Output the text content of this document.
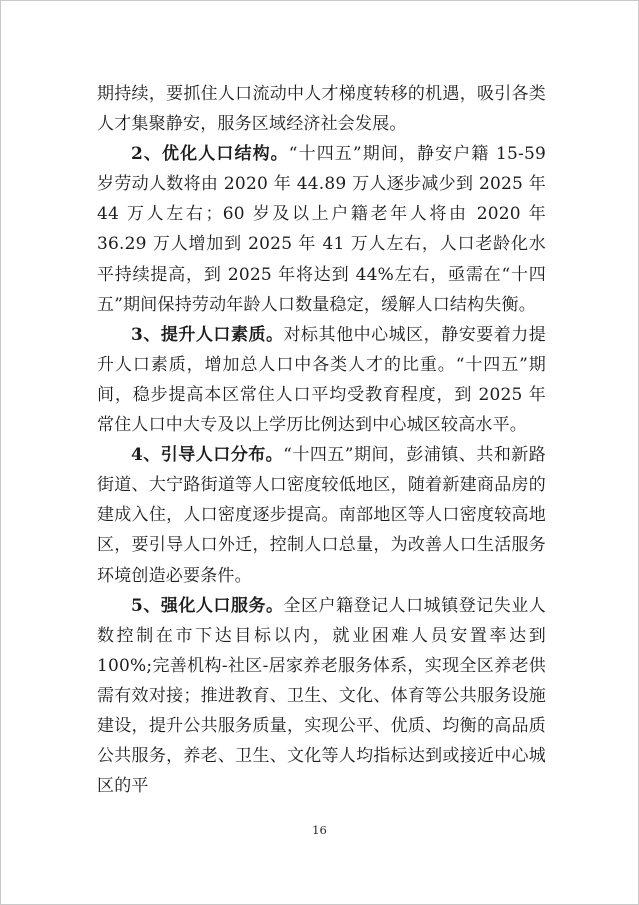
期持续，要抓住人口流动中人才梯度转移的机遇，吸引各类人才集聚静安，服务区域经济社会发展。

2、优化人口结构。“十四五”期间，静安户籍 15-59 岁劳动人数将由 2020 年 44.89 万人逐步减少到 2025 年 44 万人左右；60 岁及以上户籍老年人将由 2020 年 36.29 万人增加到 2025 年 41 万人左右，人口老龄化水平持续提高，到 2025 年将达到 44%左右，亟需在“十四五”期间保持劳动年龄人口数量稳定，缓解人口结构失衡。

3、提升人口素质。对标其他中心城区，静安要着力提升人口素质，增加总人口中各类人才的比重。“十四五”期间，稳步提高本区常住人口平均受教育程度，到 2025 年常住人口中大专及以上学历比例达到中心城区较高水平。

4、引导人口分布。“十四五”期间，彭浦镇、共和新路街道、大宁路街道等人口密度较低地区，随着新建商品房的建成入住，人口密度逐步提高。南部地区等人口密度较高地区，要引导人口外迁，控制人口总量，为改善人口生活服务环境创造必要条件。

5、强化人口服务。全区户籍登记人口城镇登记失业人数控制在市下达目标以内，就业困难人员安置率达到 100%;完善机构-社区-居家养老服务体系，实现全区养老供需有效对接；推进教育、卫生、文化、体育等公共服务设施建设，提升公共服务质量，实现公平、优质、均衡的高品质公共服务，养老、卫生、文化等人均指标达到或接近中心城区的平

16
